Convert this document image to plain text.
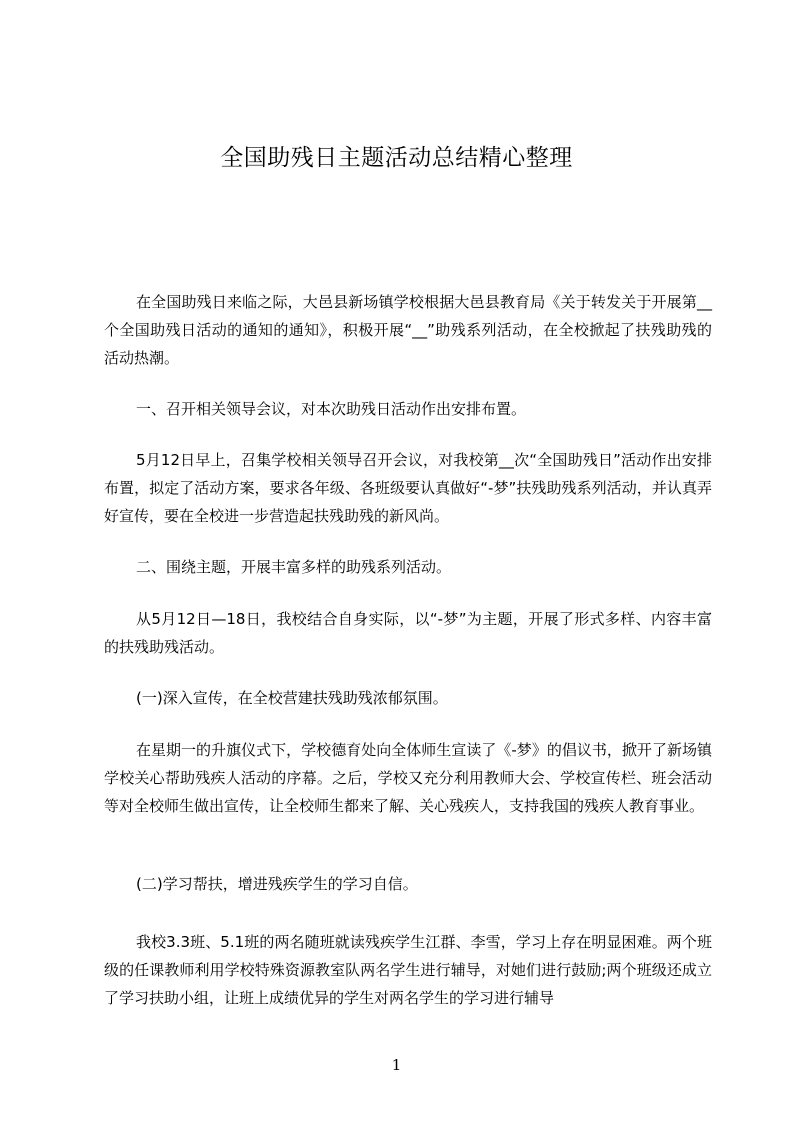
全国助残日主题活动总结精心整理

在全国助残日来临之际，大邑县新场镇学校根据大邑县教育局《关于转发关于开展第__个全国助残日活动的通知的通知》，积极开展“__”助残系列活动，在全校掀起了扶残助残的活动热潮。

一、召开相关领导会议，对本次助残日活动作出安排布置。

5月12日早上，召集学校相关领导召开会议，对我校第__次“全国助残日”活动作出安排布置，拟定了活动方案，要求各年级、各班级要认真做好“-梦”扶残助残系列活动，并认真弄好宣传，要在全校进一步营造起扶残助残的新风尚。

二、围绕主题，开展丰富多样的助残系列活动。

从5月12日—18日，我校结合自身实际，以“-梦”为主题，开展了形式多样、内容丰富的扶残助残活动。

(一)深入宣传，在全校营建扶残助残浓郁氛围。

在星期一的升旗仪式下，学校德育处向全体师生宣读了《-梦》的倡议书，掀开了新场镇学校关心帮助残疾人活动的序幕。之后，学校又充分利用教师大会、学校宣传栏、班会活动等对全校师生做出宣传，让全校师生都来了解、关心残疾人，支持我国的残疾人教育事业。

(二)学习帮扶，增进残疾学生的学习自信。

我校3.3班、5.1班的两名随班就读残疾学生江群、李雪，学习上存在明显困难。两个班级的任课教师利用学校特殊资源教室队两名学生进行辅导，对她们进行鼓励;两个班级还成立了学习扶助小组，让班上成绩优异的学生对两名学生的学习进行辅导

1
